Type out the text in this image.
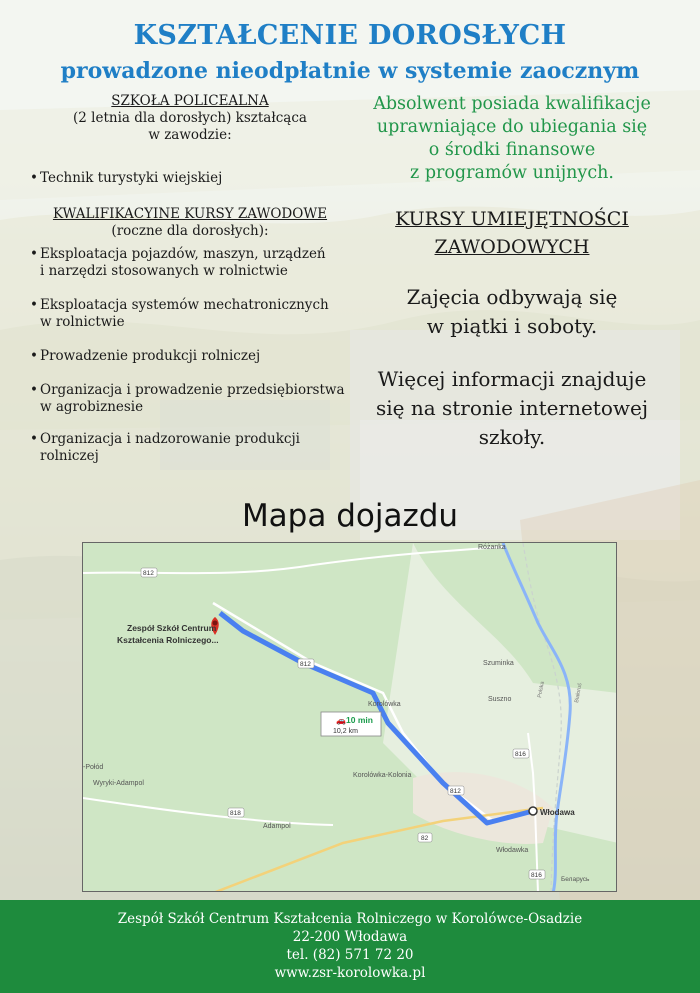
KSZTAŁCENIE DOROSŁYCH
prowadzone nieodpłatnie w systemie zaocznym
SZKOŁA POLICEALNA
(2 letnia dla dorosłych) kształcąca
w zawodzie:
• Technik turystyki wiejskiej
KWALIFIKACYINE KURSY ZAWODOWE
(roczne dla dorosłych):
• Eksploatacja pojazdów, maszyn, urządzeń
i narzędzi stosowanych w rolnictwie
• Eksploatacja systemów mechatronicznych
w rolnictwie
• Prowadzenie produkcji rolniczej
• Organizacja i prowadzenie przedsiębiorstwa
w agrobiznesie
• Organizacja i nadzorowanie produkcji
rolniczej
Absolwent posiada kwalifikacje
uprawniające do ubiegania się
o środki finansowe
z programów unijnych.
KURSY UMIEJĘTNOŚCI
ZAWODOWYCH
Zajęcia odbywają się
w piątki i soboty.
Więcej informacji znajduje
się na stronie internetowej
szkoły.
Mapa dojazdu
Zespół Szkół Centrum
Kształcenia Rolniczego...
🚗 10 min
10,2 km
Różanka
Szuminka
Suszno
Korolówka
Korolówka-Kolonia
Włodawa
Włodawka
-Połód
Wyryki-Adampol
Adampol
Беларусь
Polska	Białoruś
812
812
812
818
82
816
816
Zespół Szkół Centrum Kształcenia Rolniczego w Korolówce-Osadzie
22-200 Włodawa
tel. (82) 571 72 20
www.zsr-korolowka.pl
